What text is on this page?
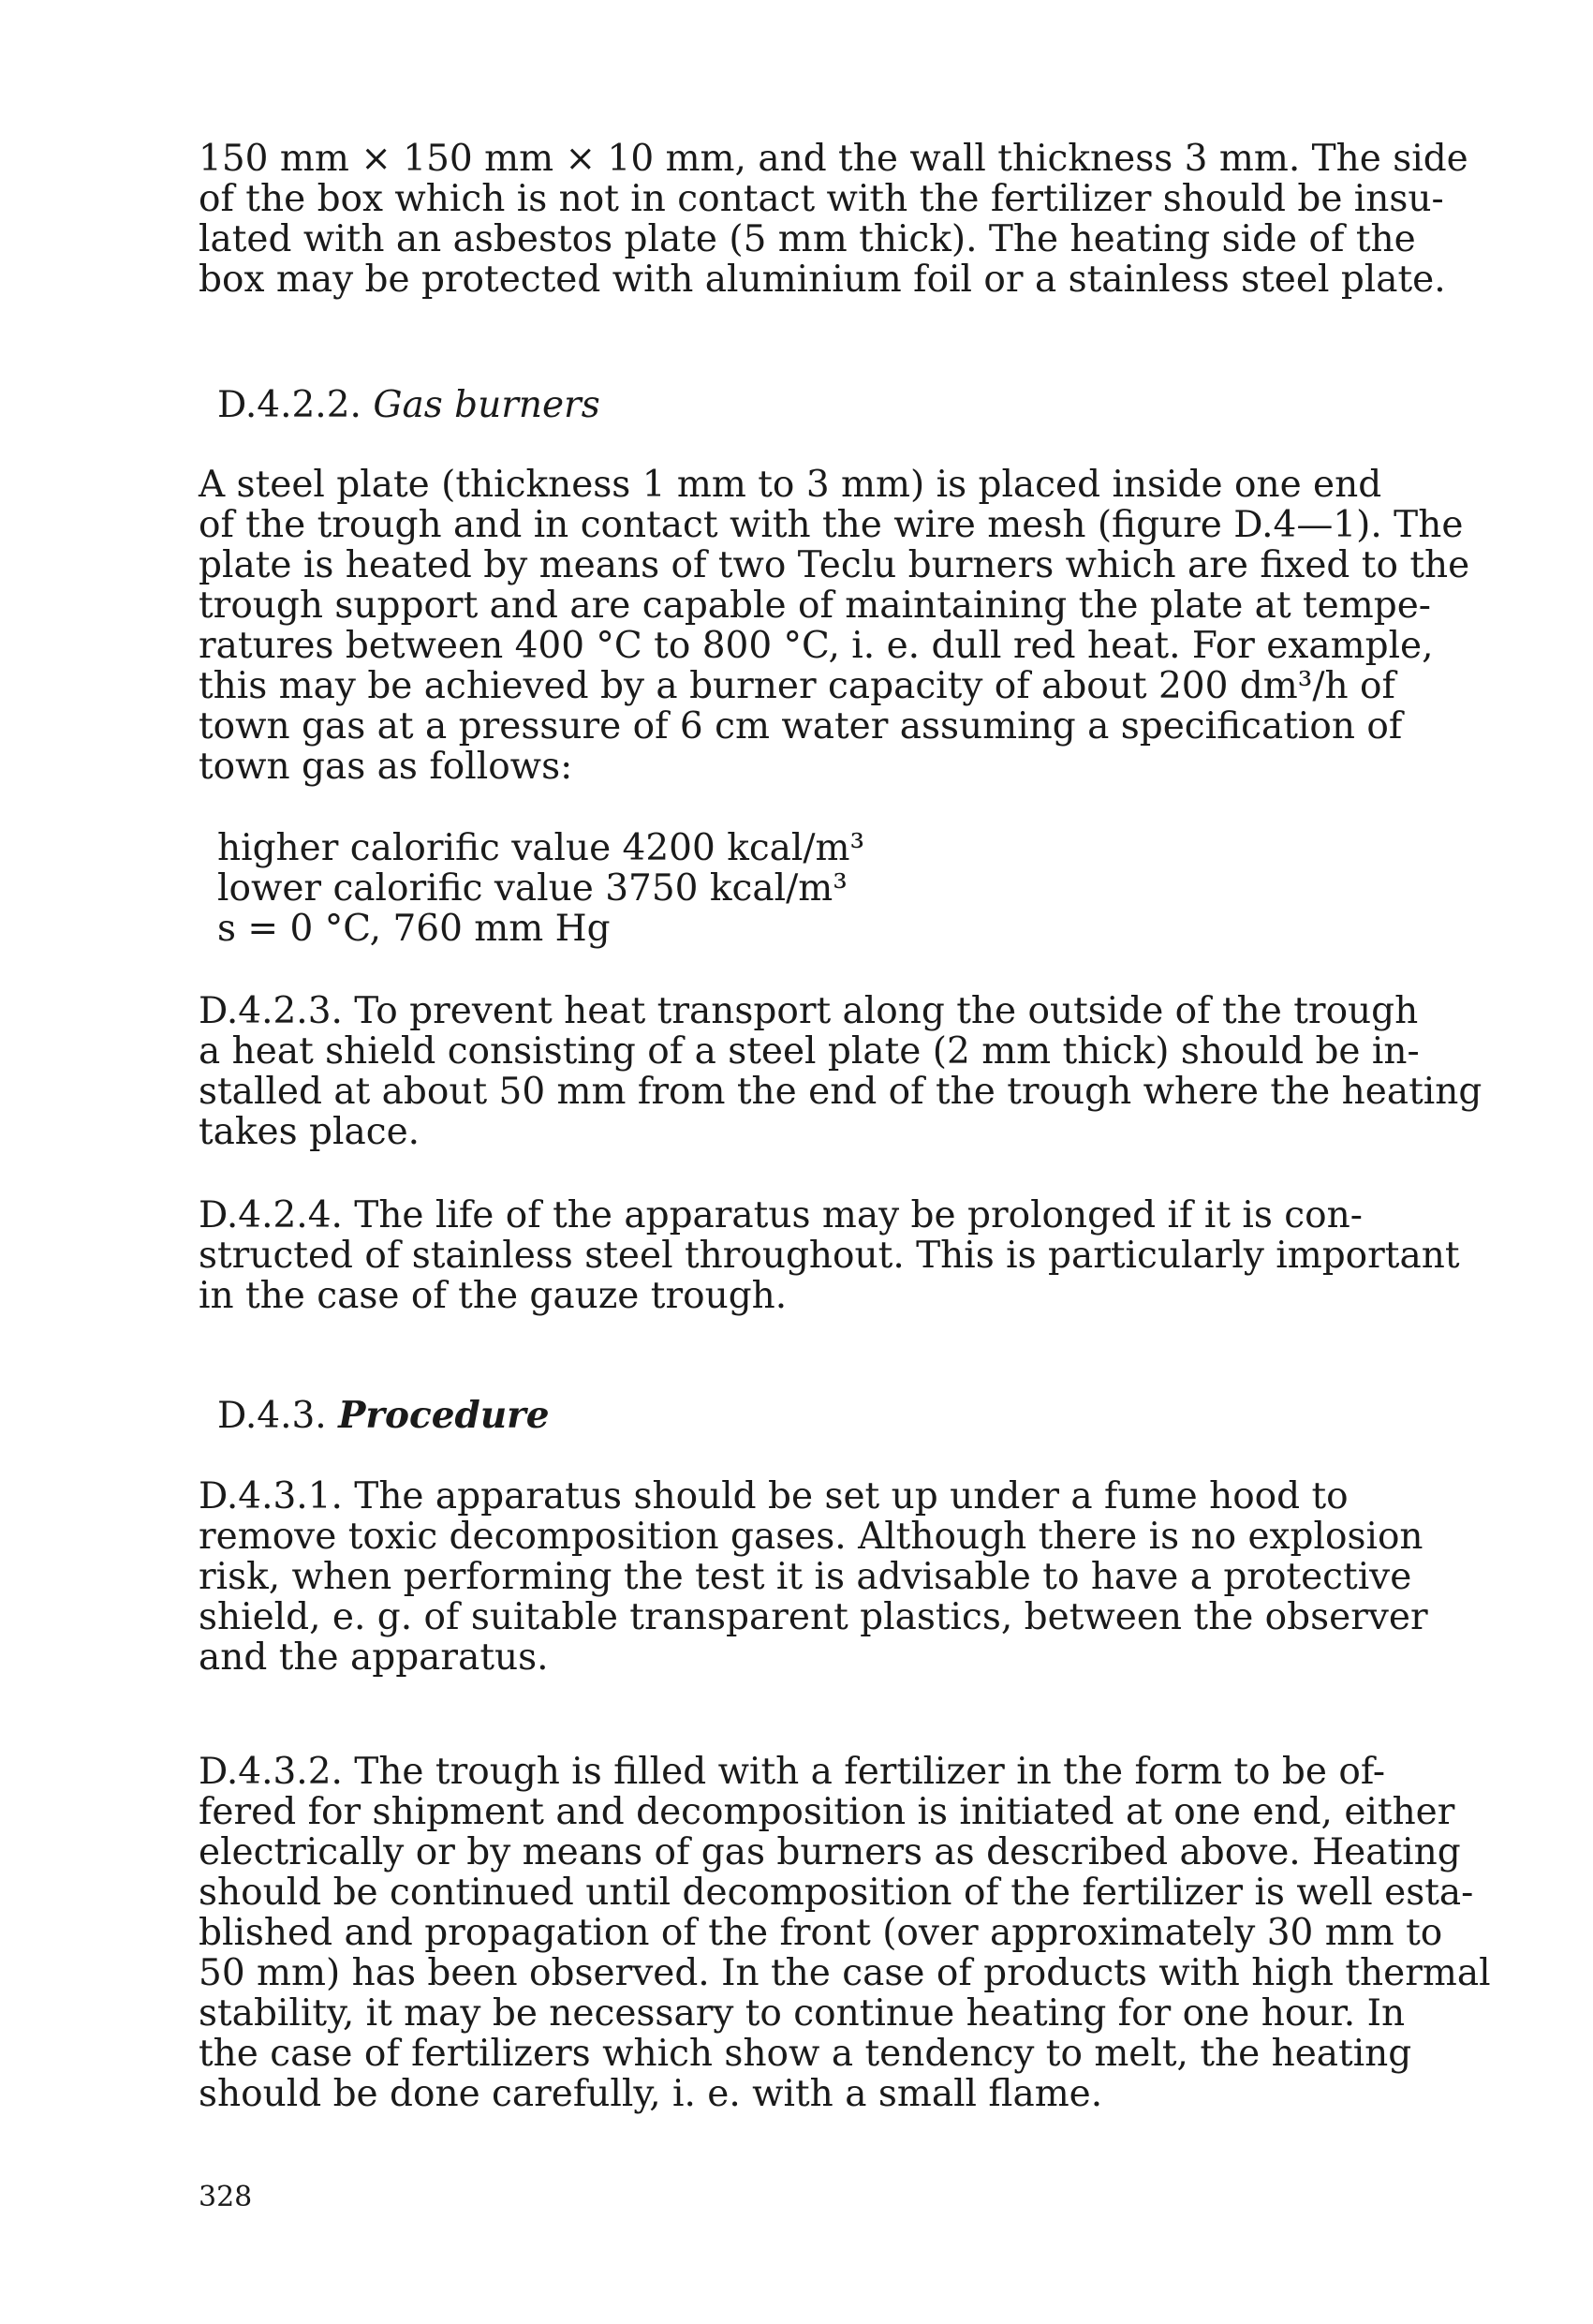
150 mm × 150 mm × 10 mm, and the wall thickness 3 mm. The side
of the box which is not in contact with the fertilizer should be insu-
lated with an asbestos plate (5 mm thick). The heating side of the
box may be protected with aluminium foil or a stainless steel plate.

D.4.2.2. Gas burners

A steel plate (thickness 1 mm to 3 mm) is placed inside one end
of the trough and in contact with the wire mesh (figure D.4—1). The
plate is heated by means of two Teclu burners which are fixed to the
trough support and are capable of maintaining the plate at tempe-
ratures between 400 °C to 800 °C, i. e. dull red heat. For example,
this may be achieved by a burner capacity of about 200 dm³/h of
town gas at a pressure of 6 cm water assuming a specification of
town gas as follows:

higher calorific value 4200 kcal/m³
lower calorific value 3750 kcal/m³
s = 0 °C, 760 mm Hg

D.4.2.3. To prevent heat transport along the outside of the trough
a heat shield consisting of a steel plate (2 mm thick) should be in-
stalled at about 50 mm from the end of the trough where the heating
takes place.

D.4.2.4. The life of the apparatus may be prolonged if it is con-
structed of stainless steel throughout. This is particularly important
in the case of the gauze trough.

D.4.3. Procedure

D.4.3.1. The apparatus should be set up under a fume hood to
remove toxic decomposition gases. Although there is no explosion
risk, when performing the test it is advisable to have a protective
shield, e. g. of suitable transparent plastics, between the observer
and the apparatus.

D.4.3.2. The trough is filled with a fertilizer in the form to be of-
fered for shipment and decomposition is initiated at one end, either
electrically or by means of gas burners as described above. Heating
should be continued until decomposition of the fertilizer is well esta-
blished and propagation of the front (over approximately 30 mm to
50 mm) has been observed. In the case of products with high thermal
stability, it may be necessary to continue heating for one hour. In
the case of fertilizers which show a tendency to melt, the heating
should be done carefully, i. e. with a small flame.

328
